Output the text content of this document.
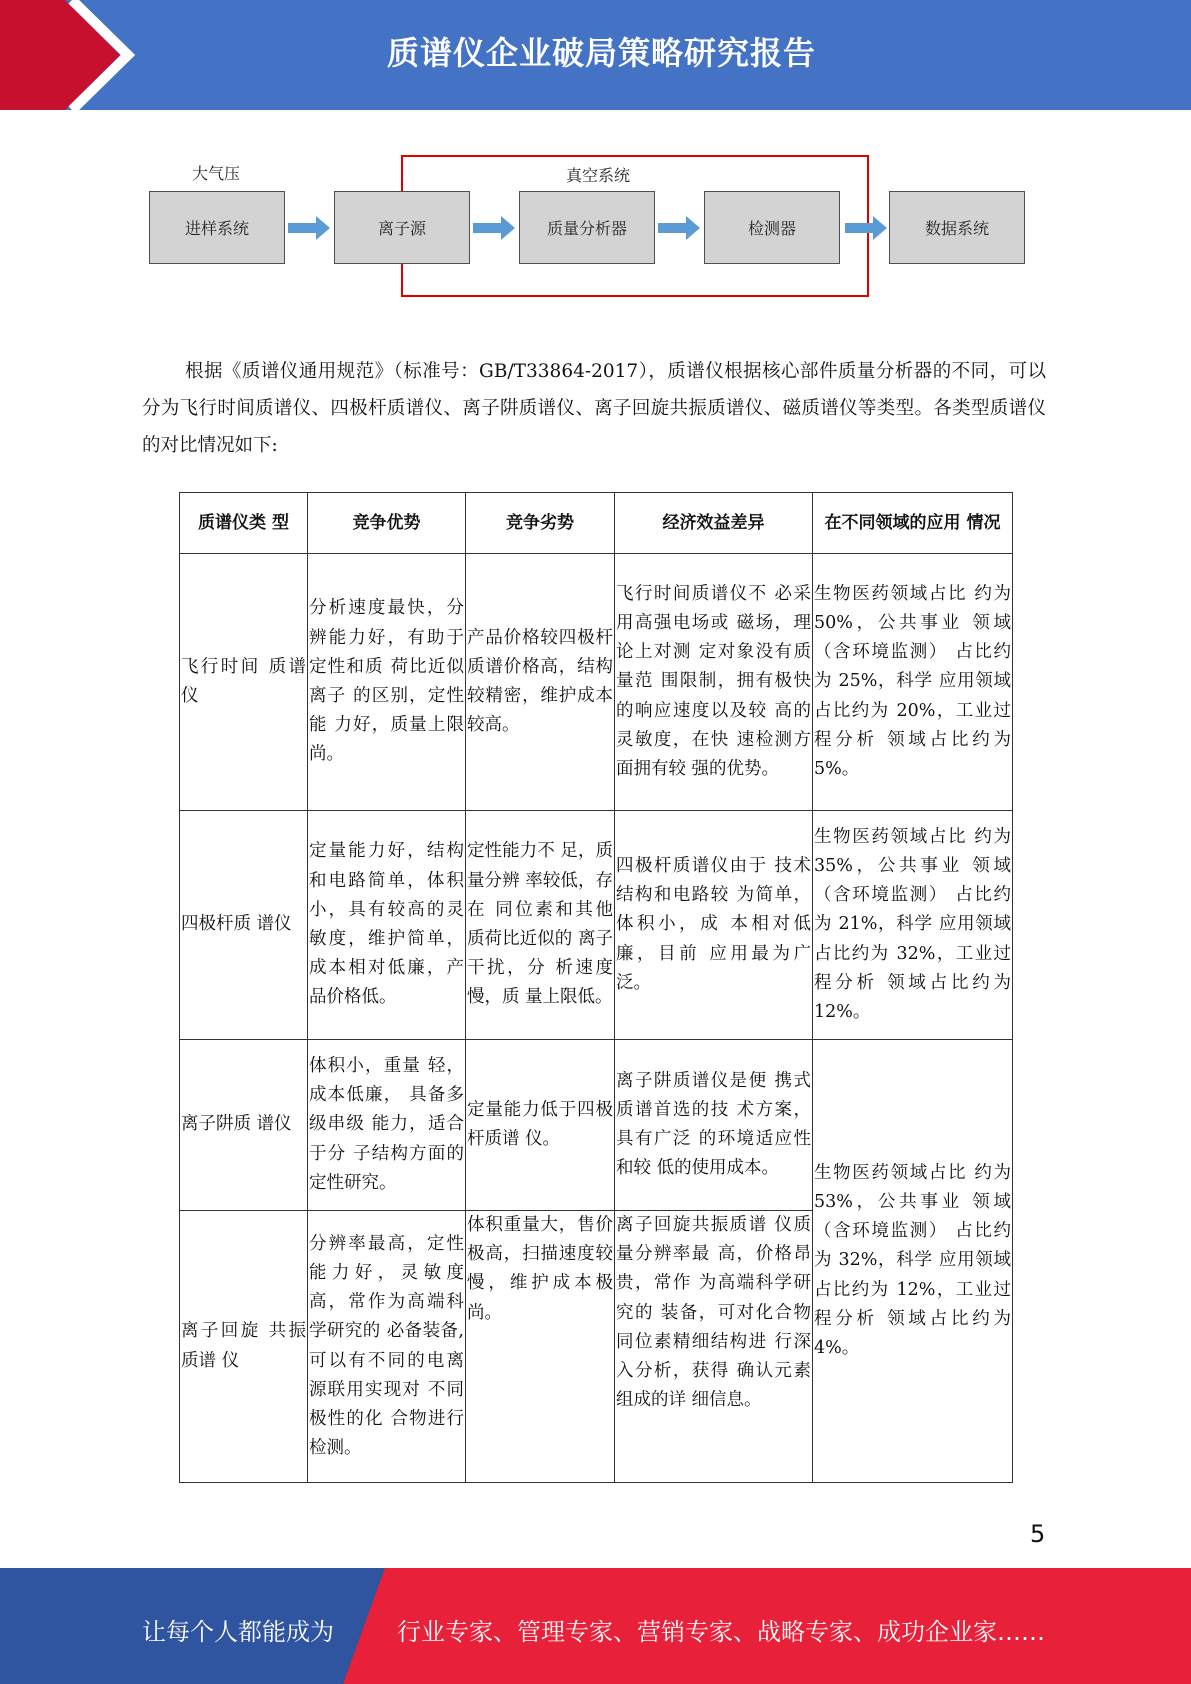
质谱仪企业破局策略研究报告
大气压	真空系统
进样系统	离子源	质量分析器	检测器	数据系统
根据《质谱仪通用规范》（标准号：GB/T33864-2017），质谱仪根据核心部件质量分析器的不同，可以分为飞行时间质谱仪、四极杆质谱仪、离子阱质谱仪、离子回旋共振质谱仪、磁质谱仪等类型。各类型质谱仪的对比情况如下:
质谱仪类 型	竞争优势	竞争劣势	经济效益差异	在不同领域的应用 情况
飞行时间 质谱仪	分析速度最快，分辨能力好，有助于定性和质 荷比近似离子 的区别，定性能 力好，质量上限 尚。	产品价格较四极杆质谱价格高，结构较精密，维护成本较高。	飞行时间质谱仪不 必采用高强电场或 磁场，理论上对测 定对象没有质量范 围限制，拥有极快 的响应速度以及较 高的灵敏度，在快 速检测方面拥有较 强的优势。	生物医药领域占比 约为 50%，公共事业 领域（含环境监测） 占比约为 25%，科学 应用领域占比约为 20%，工业过程分析 领域占比约为 5%。
四极杆质 谱仪	定量能力好，结构和电路简单，体积小，具有较高的灵敏度，维护简单，成本相对低廉，产品价格低。	定性能力不 足，质量分辨 率较低，存在 同位素和其他 质荷比近似的 离子干扰，分 析速度慢，质 量上限低。	四极杆质谱仪由于 技术结构和电路较 为简单，体积小，成 本相对低廉，目前 应用最为广泛。	生物医药领域占比 约为 35%，公共事业 领域（含环境监测） 占比约为 21%，科学 应用领域占比约为 32%，工业过程分析 领域占比约为 12%。
离子阱质 谱仪	体积小，重量 轻，成本低廉， 具备多级串级 能力，适合于分 子结构方面的 定性研究。	定量能力低于四极杆质谱 仪。	离子阱质谱仪是便 携式质谱首选的技 术方案，具有广泛 的环境适应性和较 低的使用成本。	生物医药领域占比 约为 53%，公共事业 领域（含环境监测） 占比约为 32%，科学 应用领域占比约为 12%，工业过程分析 领域占比约为 4%。
离子回旋 共振质谱 仪	分辨率最高，定性能力好，灵敏度高，常作为高端科学研究的 必备装备,可以有不同的电离 源联用实现对 不同极性的化 合物进行检测。	体积重量大，售价极高，扫描速度较慢，维护成本极 尚。	离子回旋共振质谱 仪质量分辨率最 高，价格昂贵，常作 为高端科学研究的 装备，可对化合物同位素精细结构进 行深入分析，获得 确认元素组成的详 细信息。	
5
让每个人都能成为	行业专家、管理专家、营销专家、战略专家、成功企业家……
